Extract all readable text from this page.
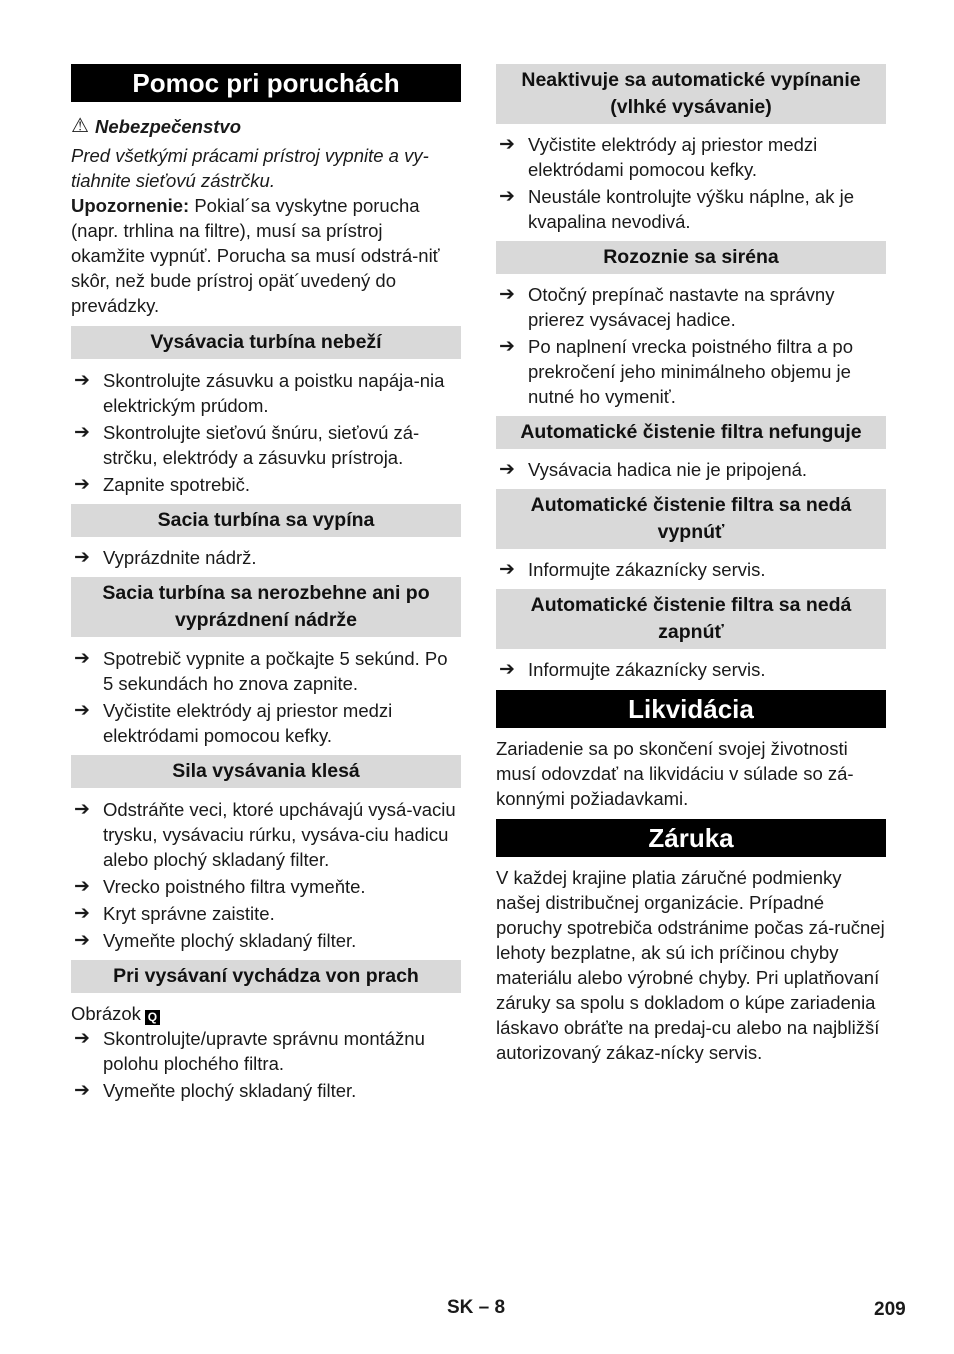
Pomoc pri poruchách
⚠ Nebezpečenstvo

Pred všetkými prácami prístroj vypnite a vy-tiahnite sieťovú zástrčku.

Upozornenie: Pokial´sa vyskytne porucha (napr. trhlina na filtre), musí sa prístroj okamžite vypnúť. Porucha sa musí odstrá-niť skôr, než bude prístroj opät´uvedený do prevádzky.

Vysávacia turbína nebeží
➔ Skontrolujte zásuvku a poistku napája-nia elektrickým prúdom.
➔ Skontrolujte sieťovú šnúru, sieťovú zá-strčku, elektródy a zásuvku prístroja.
➔ Zapnite spotrebič.
Sacia turbína sa vypína
➔ Vyprázdnite nádrž.
Sacia turbína sa nerozbehne ani po vyprázdnení nádrže
➔ Spotrebič vypnite a počkajte 5 sekúnd. Po 5 sekundách ho znova zapnite.
➔ Vyčistite elektródy aj priestor medzi elektródami pomocou kefky.
Sila vysávania klesá
➔ Odstráňte veci, ktoré upchávajú vysá-vaciu trysku, vysávaciu rúrku, vysáva-ciu hadicu alebo plochý skladaný filter.
➔ Vrecko poistného filtra vymeňte.
➔ Kryt správne zaistite.
➔ Vymeňte plochý skladaný filter.
Pri vysávaní vychádza von prach

Obrázok Q

➔ Skontrolujte/upravte správnu montážnu polohu plochého filtra.
➔ Vymeňte plochý skladaný filter.
Neaktivuje sa automatické vypínanie (vlhké vysávanie)
➔ Vyčistite elektródy aj priestor medzi elektródami pomocou kefky.
➔ Neustále kontrolujte výšku náplne, ak je kvapalina nevodivá.
Rozoznie sa siréna
➔ Otočný prepínač nastavte na správny prierez vysávacej hadice.
➔ Po naplnení vrecka poistného filtra a po prekročení jeho minimálneho objemu je nutné ho vymeniť.
Automatické čistenie filtra nefunguje
➔ Vysávacia hadica nie je pripojená.
Automatické čistenie filtra sa nedá vypnúť
➔ Informujte zákaznícky servis.
Automatické čistenie filtra sa nedá zapnúť
➔ Informujte zákaznícky servis.
Likvidácia

Zariadenie sa po skončení svojej životnosti musí odovzdať na likvidáciu v súlade so zá-konnými požiadavkami.

Záruka

V každej krajine platia záručné podmienky našej distribučnej organizácie. Prípadné poruchy spotrebiča odstránime počas zá-ručnej lehoty bezplatne, ak sú ich príčinou chyby materiálu alebo výrobné chyby. Pri uplatňovaní záruky sa spolu s dokladom o kúpe zariadenia láskavo obráťte na predaj-cu alebo na najbližší autorizovaný zákaz-nícky servis.

SK – 8	209
